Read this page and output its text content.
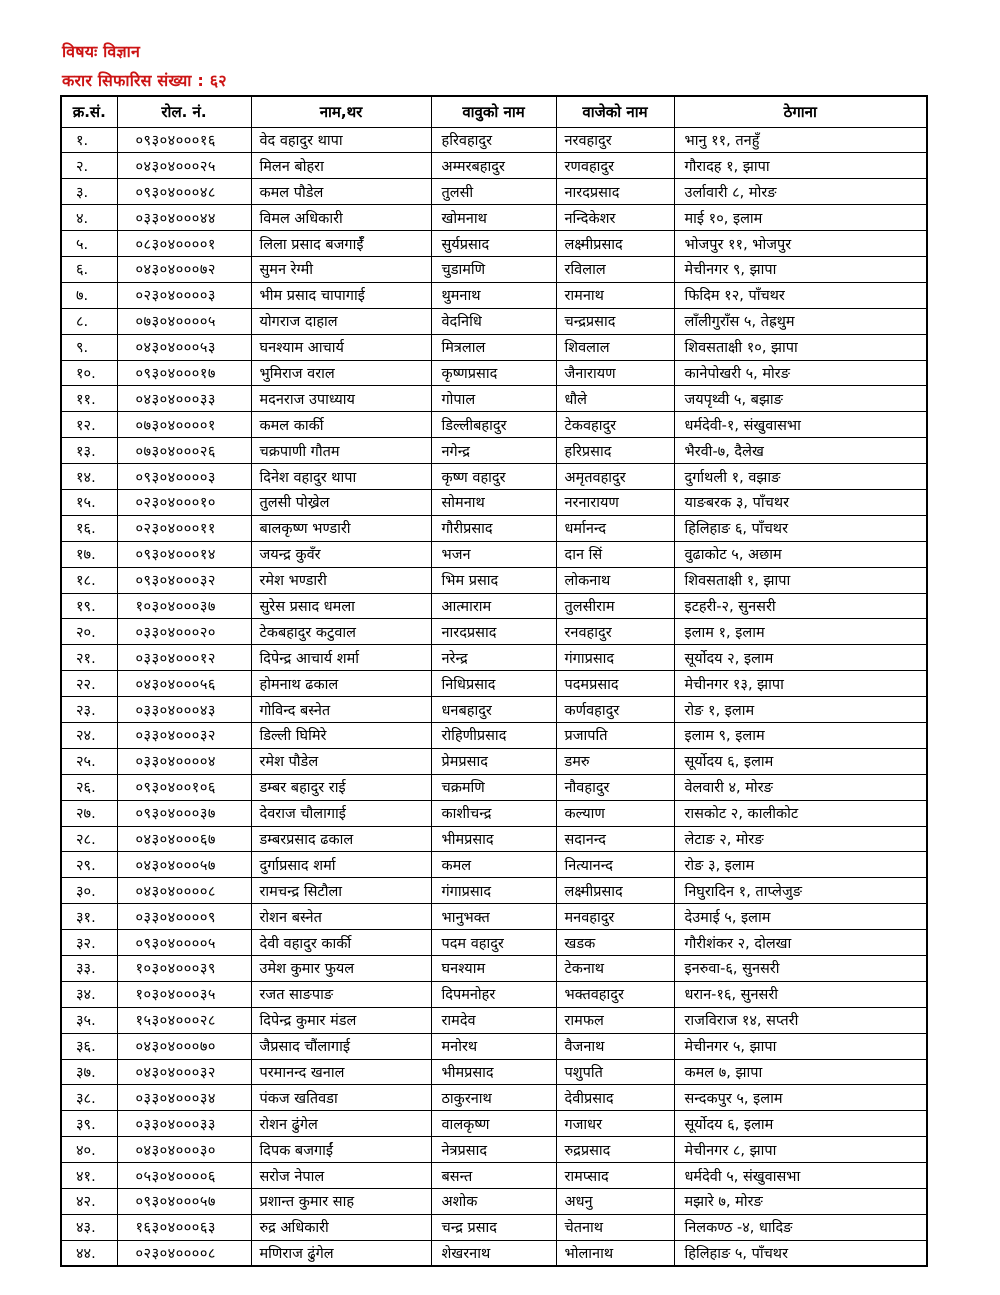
विषयः विज्ञान
करार सिफारिस संख्या : ६२
क्र.सं.	रोल. नं.	नाम,थर	वावुको नाम	वाजेको नाम	ठेगाना
१.	०९३०४०००१६	वेद वहादुर थापा	हरिवहादुर	नरवहादुर	भानु ११, तनहुँ
२.	०४३०४०००२५	मिलन बोहरा	अम्मरबहादुर	रणवहादुर	गौरादह १, झापा
३.	०९३०४०००४८	कमल पौडेल	तुलसी	नारदप्रसाद	उर्लावारी ८, मोरङ
४.	०३३०४०००४४	विमल अधिकारी	खोमनाथ	नन्दिकेशर	माई १०, इलाम
५.	०८३०४००००१	लिला प्रसाद बजगाईँ	सुर्यप्रसाद	लक्ष्मीप्रसाद	भोजपुर ११, भोजपुर
६.	०४३०४०००७२	सुमन रेग्मी	चुडामणि	रविलाल	मेचीनगर ९, झापा
७.	०२३०४००००३	भीम प्रसाद चापागाई	थुमनाथ	रामनाथ	फिदिम १२, पाँचथर
८.	०७३०४००००५	योगराज दाहाल	वेदनिधि	चन्द्रप्रसाद	लाँलीगुराँस ५, तेह्रथुम
९.	०४३०४०००५३	घनश्याम आचार्य	मित्रलाल	शिवलाल	शिवसताक्षी १०, झापा
१०.	०९३०४०००१७	भुमिराज वराल	कृष्णप्रसाद	जैनारायण	कानेपोखरी ५, मोरङ
११.	०४३०४०००३३	मदनराज उपाध्याय	गोपाल	धौले	जयपृथ्वी ५, बझाङ
१२.	०७३०४००००१	कमल कार्की	डिल्लीबहादुर	टेकवहादुर	धर्मदेवी-१, संखुवासभा
१३.	०७३०४०००२६	चक्रपाणी गौतम	नगेन्द्र	हरिप्रसाद	भैरवी-७, दैलेख
१४.	०९३०४००००३	दिनेश वहादुर थापा	कृष्ण वहादुर	अमृतवहादुर	दुर्गाथली १, वझाङ
१५.	०२३०४०००१०	तुलसी पोख्रेल	सोमनाथ	नरनारायण	याङबरक ३, पाँचथर
१६.	०२३०४०००११	बालकृष्ण भण्डारी	गौरीप्रसाद	धर्मानन्द	हिलिहाङ ६, पाँचथर
१७.	०९३०४०००१४	जयन्द्र कुवँर	भजन	दान सिं	वुढाकोट ५, अछाम
१८.	०९३०४०००३२	रमेश भण्डारी	भिम प्रसाद	लोकनाथ	शिवसताक्षी १, झापा
१९.	१०३०४०००३७	सुरेस प्रसाद धमला	आत्माराम	तुलसीराम	इटहरी-२, सुनसरी
२०.	०३३०४०००२०	टेकबहादुर कटुवाल	नारदप्रसाद	रनवहादुर	इलाम १, इलाम
२१.	०३३०४०००१२	दिपेन्द्र आचार्य शर्मा	नरेन्द्र	गंगाप्रसाद	सूर्योदय २, इलाम
२२.	०४३०४०००५६	होमनाथ ढकाल	निधिप्रसाद	पदमप्रसाद	मेचीनगर १३, झापा
२३.	०३३०४०००४३	गोविन्द बस्नेत	धनबहादुर	कर्णवहादुर	रोङ १, इलाम
२४.	०३३०४०००३२	डिल्ली घिमिरे	रोहिणीप्रसाद	प्रजापति	इलाम ९, इलाम
२५.	०३३०४००००४	रमेश पौडेल	प्रेमप्रसाद	डमरु	सूर्योदय ६, इलाम
२६.	०९३०४००१०६	डम्बर बहादुर राई	चक्रमणि	नौवहादुर	वेलवारी ४, मोरङ
२७.	०९३०४०००३७	देवराज चौलागाई	काशीचन्द्र	कल्याण	रासकोट २, कालीकोट
२८.	०४३०४०००६७	डम्बरप्रसाद ढकाल	भीमप्रसाद	सदानन्द	लेटाङ २, मोरङ
२९.	०४३०४०००५७	दुर्गाप्रसाद शर्मा	कमल	नित्यानन्द	रोङ ३, इलाम
३०.	०४३०४००००८	रामचन्द्र सिटौला	गंगाप्रसाद	लक्ष्मीप्रसाद	निघुरादिन १, ताप्लेजुङ
३१.	०३३०४००००९	रोशन बस्नेत	भानुभक्त	मनवहादुर	देउमाई ५, इलाम
३२.	०९३०४००००५	देवी वहादुर कार्की	पदम वहादुर	खडक	गौरीशंकर २, दोलखा
३३.	१०३०४०००३९	उमेश कुमार फुयल	घनश्याम	टेकनाथ	इनरुवा-६, सुनसरी
३४.	१०३०४०००३५	रजत साङपाङ	दिपमनोहर	भक्तवहादुर	धरान-१६, सुनसरी
३५.	१५३०४०००२८	दिपेन्द्र कुमार मंडल	रामदेव	रामफल	राजविराज १४, सप्तरी
३६.	०४३०४०००७०	जैप्रसाद चौंलागाई	मनोरथ	वैजनाथ	मेचीनगर ५, झापा
३७.	०४३०४०००३२	परमानन्द खनाल	भीमप्रसाद	पशुपति	कमल ७, झापा
३८.	०३३०४०००३४	पंकज खतिवडा	ठाकुरनाथ	देवीप्रसाद	सन्दकपुर ५, इलाम
३९.	०३३०४०००३३	रोशन ढुंगेल	वालकृष्ण	गजाधर	सूर्योदय ६, इलाम
४०.	०४३०४०००३०	दिपक बजगाईं	नेत्रप्रसाद	रुद्रप्रसाद	मेचीनगर ८, झापा
४१.	०५३०४००००६	सरोज नेपाल	बसन्त	रामप्साद	धर्मदेवी ५, संखुवासभा
४२.	०९३०४०००५७	प्रशान्त कुमार साह	अशोक	अधनु	मझारे ७, मोरङ
४३.	१६३०४०००६३	रुद्र अधिकारी	चन्द्र प्रसाद	चेतनाथ	निलकण्ठ -४, धादिङ
४४.	०२३०४००००८	मणिराज ढुंगेल	शेखरनाथ	भोलानाथ	हिलिहाङ ५, पाँचथर
